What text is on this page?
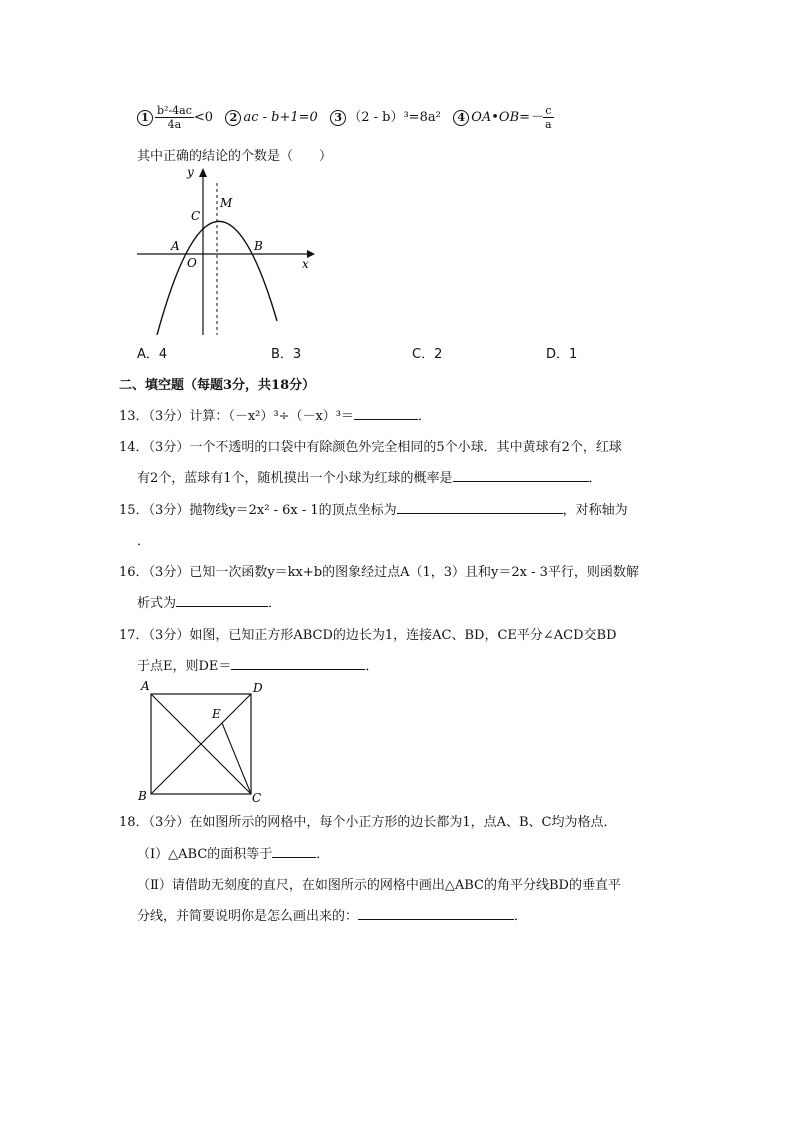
$1 \frac{\text{b²-4ac}}{4a} <0$ 2 ac - b+1=0 3 （2 - b）³=8a² 4 OA•OB=－ $\frac{c}{a}$
其中正确的结论的个数是（　　）
y
x
O
A	B
C
M
A．4	B．3	C．2	D．1
二、填空题（每题3分，共18分）
13．（3分）计算：（－x²）³÷（－x）³＝	．
14．（3分）一个不透明的口袋中有除颜色外完全相同的5个小球．其中黄球有2个，红球
有2个，蓝球有1个，随机摸出一个小球为红球的概率是	．
15．（3分）抛物线y＝2x² - 6x - 1的顶点坐标为	，对称轴为
．
16．（3分）已知一次函数y＝kx+b的图象经过点A（1，3）且和y＝2x - 3平行，则函数解
析式为	．
17．（3分）如图，已知正方形ABCD的边长为1，连接AC、BD，CE平分∠ACD交BD
于点E，则DE＝	．
A	D
B	C
E
18．（3分）在如图所示的网格中，每个小正方形的边长都为1，点A、B、C均为格点．
（Ⅰ）△ABC的面积等于	．
（Ⅱ）请借助无刻度的直尺，在如图所示的网格中画出△ABC的角平分线BD的垂直平
分线，并简要说明你是怎么画出来的：	．
